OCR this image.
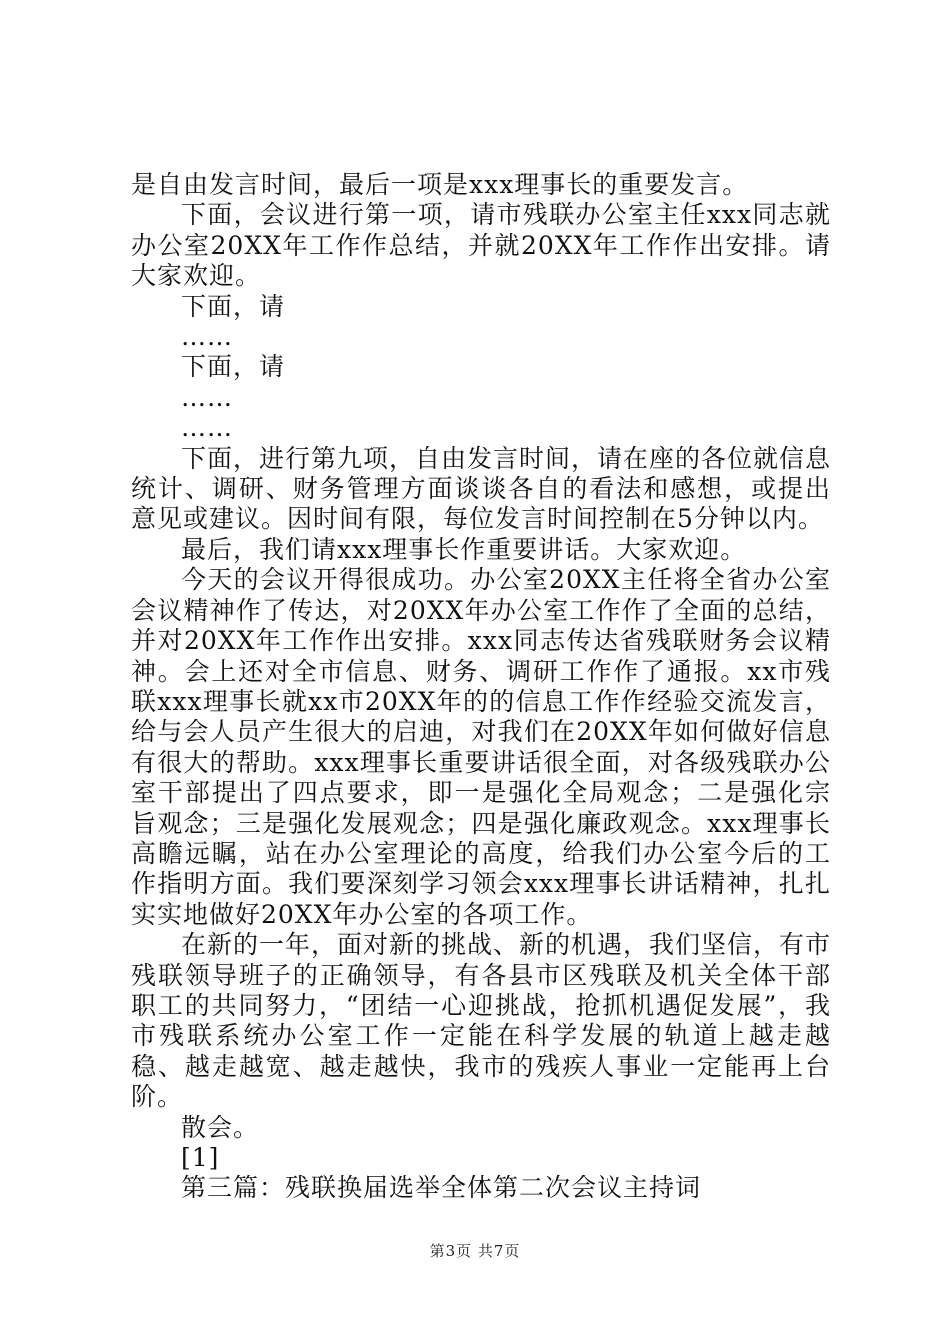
是自由发言时间，最后一项是xxx理事长的重要发言。

下面，会议进行第一项，请市残联办公室主任xxx同志就办公室20XX年工作作总结，并就20XX年工作作出安排。请大家欢迎。

下面，请

……

下面，请

……

……

下面，进行第九项，自由发言时间，请在座的各位就信息统计、调研、财务管理方面谈谈各自的看法和感想，或提出意见或建议。因时间有限，每位发言时间控制在5分钟以内。

最后，我们请xxx理事长作重要讲话。大家欢迎。

今天的会议开得很成功。办公室20XX主任将全省办公室会议精神作了传达，对20XX年办公室工作作了全面的总结，并对20XX年工作作出安排。xxx同志传达省残联财务会议精神。会上还对全市信息、财务、调研工作作了通报。xx市残联xxx理事长就xx市20XX年的的信息工作作经验交流发言，给与会人员产生很大的启迪，对我们在20XX年如何做好信息有很大的帮助。xxx理事长重要讲话很全面，对各级残联办公室干部提出了四点要求，即一是强化全局观念；二是强化宗旨观念；三是强化发展观念；四是强化廉政观念。xxx理事长高瞻远瞩，站在办公室理论的高度，给我们办公室今后的工作指明方面。我们要深刻学习领会xxx理事长讲话精神，扎扎实实地做好20XX年办公室的各项工作。

在新的一年，面对新的挑战、新的机遇，我们坚信，有市残联领导班子的正确领导，有各县市区残联及机关全体干部职工的共同努力，“团结一心迎挑战，抢抓机遇促发展”，我市残联系统办公室工作一定能在科学发展的轨道上越走越稳、越走越宽、越走越快，我市的残疾人事业一定能再上台阶。

散会。

[1]

第三篇：残联换届选举全体第二次会议主持词

第3页 共7页
